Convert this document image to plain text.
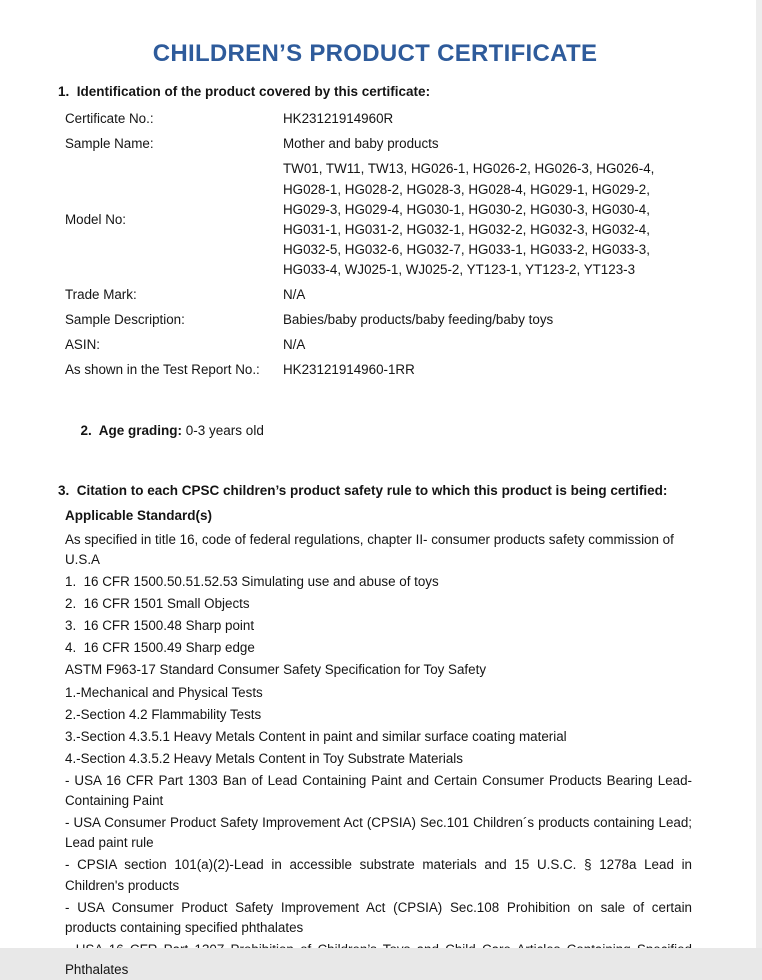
CHILDREN’S PRODUCT CERTIFICATE
1.  Identification of the product covered by this certificate:
Certificate No.:	HK23121914960R
Sample Name:	Mother and baby products
Model No:
TW01, TW11, TW13, HG026-1, HG026-2, HG026-3, HG026-4, HG028-1, HG028-2, HG028-3, HG028-4, HG029-1, HG029-2, HG029-3, HG029-4, HG030-1, HG030-2, HG030-3, HG030-4, HG031-1, HG031-2, HG032-1, HG032-2, HG032-3, HG032-4, HG032-5, HG032-6, HG032-7, HG033-1, HG033-2, HG033-3, HG033-4, WJ025-1, WJ025-2, YT123-1, YT123-2, YT123-3
Trade Mark:	N/A
Sample Description:	Babies/baby products/baby feeding/baby toys
ASIN:	N/A
As shown in the Test Report No.:	HK23121914960-1RR

2.  Age grading: 0-3 years old

3.  Citation to each CPSC children’s product safety rule to which this product is being certified:
Applicable Standard(s)

As specified in title 16, code of federal regulations, chapter II- consumer products safety commission of U.S.A

1.  16 CFR 1500.50.51.52.53 Simulating use and abuse of toys

2.  16 CFR 1501 Small Objects

3.  16 CFR 1500.48 Sharp point

4.  16 CFR 1500.49 Sharp edge

ASTM F963-17 Standard Consumer Safety Specification for Toy Safety

1.-Mechanical and Physical Tests

2.-Section 4.2 Flammability Tests

3.-Section 4.3.5.1 Heavy Metals Content in paint and similar surface coating material

4.-Section 4.3.5.2 Heavy Metals Content in Toy Substrate Materials

- USA 16 CFR Part 1303 Ban of Lead Containing Paint and Certain Consumer Products Bearing Lead- Containing Paint

- USA Consumer Product Safety Improvement Act (CPSIA) Sec.101 Children´s products containing Lead; Lead paint rule

- CPSIA section 101(a)(2)-Lead in accessible substrate materials and 15 U.S.C. § 1278a Lead in Children's products

- USA Consumer Product Safety Improvement Act (CPSIA) Sec.108 Prohibition on sale of certain products containing specified phthalates

Phthalates
